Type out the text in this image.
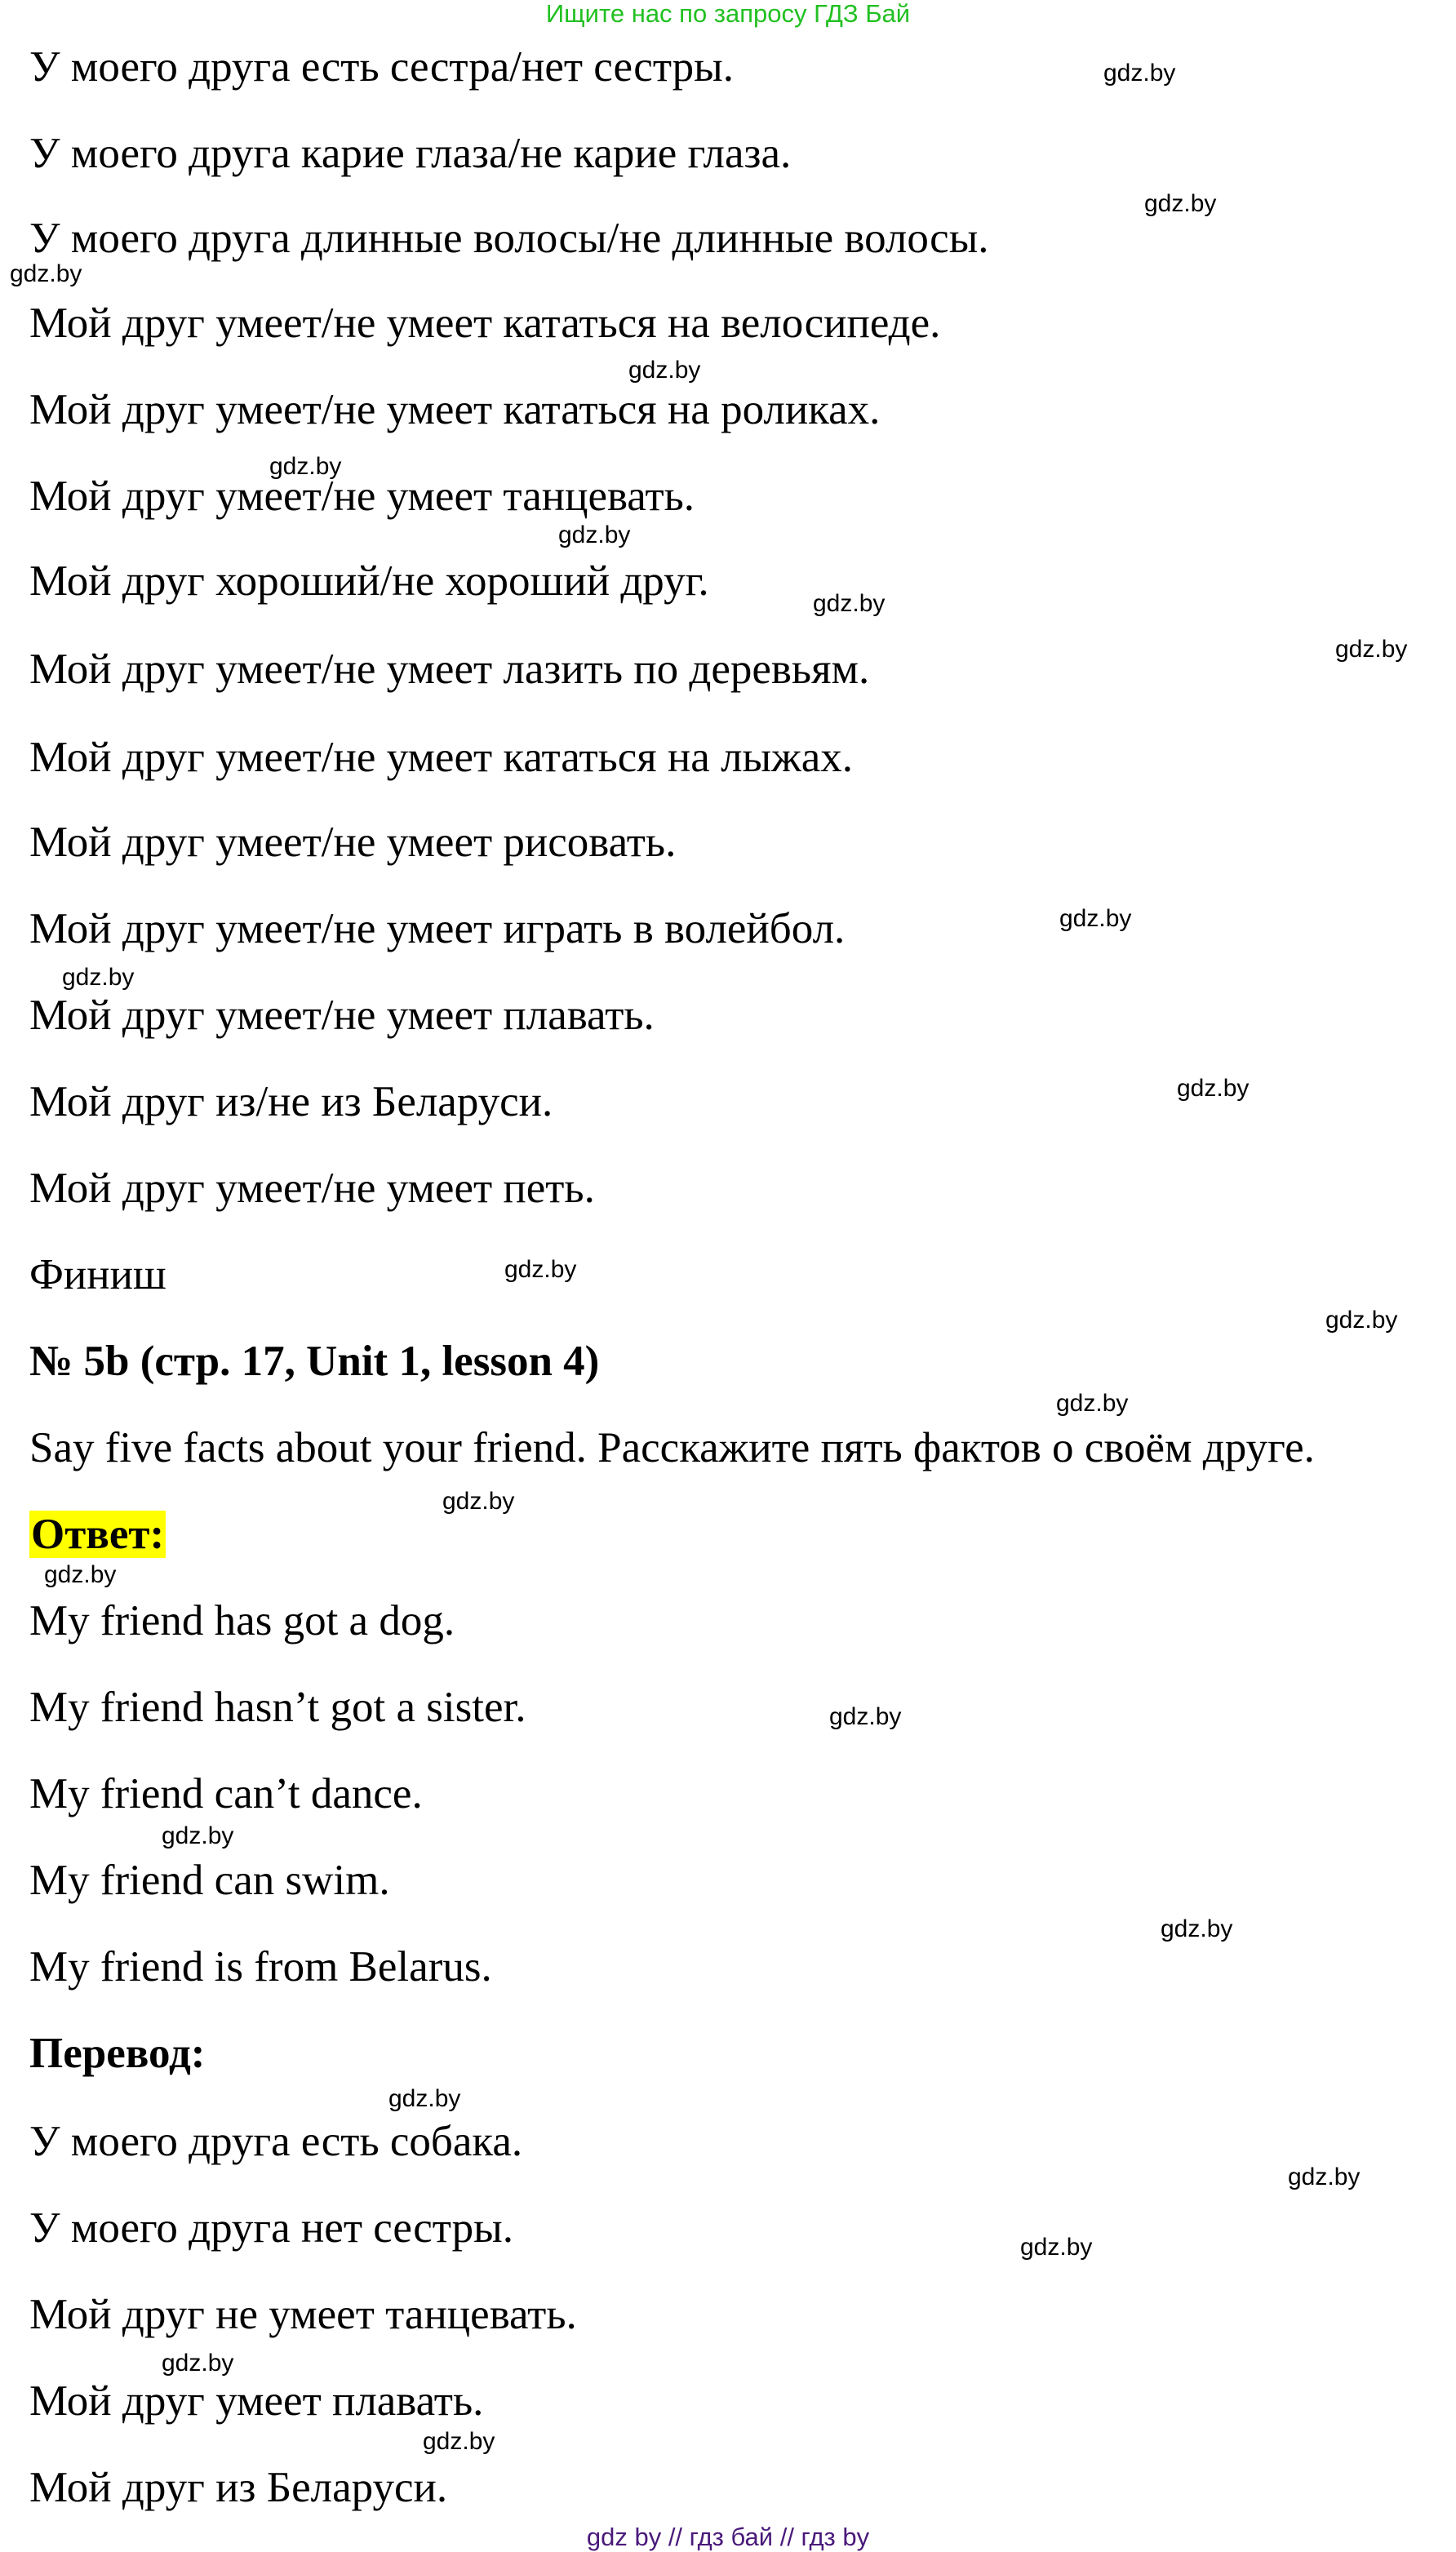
Ищите нас по запросу ГДЗ Бай
У моего друга есть сестра/нет сестры.
У моего друга карие глаза/не карие глаза.
У моего друга длинные волосы/не длинные волосы.
Мой друг умеет/не умеет кататься на велосипеде.
Мой друг умеет/не умеет кататься на роликах.
Мой друг умеет/не умеет танцевать.
Мой друг хороший/не хороший друг.
Мой друг умеет/не умеет лазить по деревьям.
Мой друг умеет/не умеет кататься на лыжах.
Мой друг умеет/не умеет рисовать.
Мой друг умеет/не умеет играть в волейбол.
Мой друг умеет/не умеет плавать.
Мой друг из/не из Беларуси.
Мой друг умеет/не умеет петь.
Финиш
№ 5b (стр. 17, Unit 1, lesson 4)
Say five facts about your friend. Расскажите пять фактов о своём друге.
Ответ:
My friend has got a dog.
My friend hasn’t got a sister.
My friend can’t dance.
My friend can swim.
My friend is from Belarus.
Перевод:
У моего друга есть собака.
У моего друга нет сестры.
Мой друг не умеет танцевать.
Мой друг умеет плавать.
Мой друг из Беларуси.
gdz.by
gdz.by
gdz.by
gdz.by
gdz.by
gdz.by
gdz.by
gdz.by
gdz.by
gdz.by
gdz.by
gdz.by
gdz.by
gdz.by
gdz.by
gdz.by
gdz.by
gdz.by
gdz.by
gdz.by
gdz.by
gdz.by
gdz.by
gdz.by
gdz by // гдз бай // гдз by
